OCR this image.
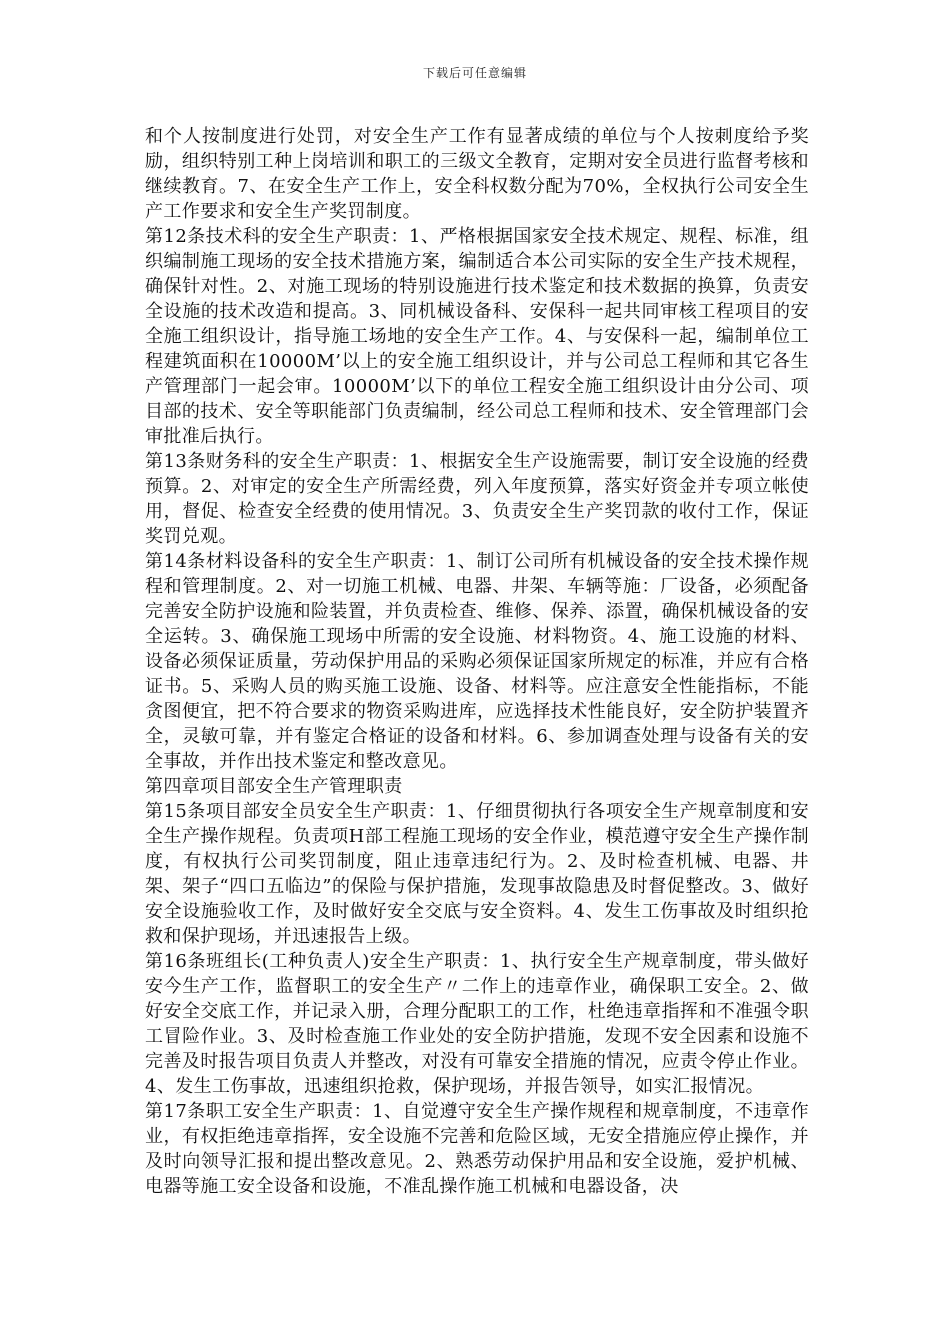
下载后可任意编辑

和个人按制度进行处罚，对安全生产工作有显著成绩的单位与个人按刺度给予奖励，组织特别工种上岗培训和职工的三级文全教育，定期对安全员进行监督考核和继续教育。7、在安全生产工作上，安全科权数分配为70%，全权执行公司安全生产工作要求和安全生产奖罚制度。

第12条技术科的安全生产职责：1、严格根据国家安全技术规定、规程、标准，组织编制施工现场的安全技术措施方案，编制适合本公司实际的安全生产技术规程，确保针对性。2、对施工现场的特别设施进行技术鉴定和技术数据的换算，负责安全设施的技术改造和提高。3、同机械设备科、安保科一起共同审核工程项目的安全施工组织设计，指导施工场地的安全生产工作。4、与安保科一起，编制单位工程建筑面积在10000M’以上的安全施工组织设计，并与公司总工程师和其它各生产管理部门一起会审。10000M’以下的单位工程安全施工组织设计由分公司、项目部的技术、安全等职能部门负责编制，经公司总工程师和技术、安全管理部门会审批准后执行。

第13条财务科的安全生产职责：1、根据安全生产设施需要，制订安全设施的经费预算。2、对审定的安全生产所需经费，列入年度预算，落实好资金并专项立帐使用，督促、检查安全经费的使用情况。3、负责安全生产奖罚款的收付工作，保证奖罚兑观。

第14条材料设备科的安全生产职责：1、制订公司所有机械设备的安全技术操作规程和管理制度。2、对一切施工机械、电器、井架、车辆等施：厂设备，必须配备完善安全防护设施和险装置，并负责检查、维修、保养、添置，确保机械设备的安全运转。3、确保施工现场中所需的安全设施、材料物资。4、施工设施的材料、设备必须保证质量，劳动保护用品的采购必须保证国家所规定的标准，并应有合格证书。5、采购人员的购买施工设施、设备、材料等。应注意安全性能指标，不能贪图便宜，把不符合要求的物资采购进库，应选择技术性能良好，安全防护装置齐全，灵敏可靠，并有鉴定合格证的设备和材料。6、参加调查处理与设备有关的安全事故，并作出技术鉴定和整改意见。

第四章项目部安全生产管理职责

第15条项目部安全员安全生产职责：1、仔细贯彻执行各项安全生产规章制度和安全生产操作规程。负责项H部工程施工现场的安全作业，模范遵守安全生产操作制度，有权执行公司奖罚制度，阻止违章违纪行为。2、及时检查机械、电器、井架、架子“四口五临边”的保险与保护措施，发现事故隐患及时督促整改。3、做好安全设施验收工作，及时做好安全交底与安全资料。4、发生工伤事故及时组织抢救和保护现场，并迅速报告上级。

第16条班组长(工种负责人)安全生产职责：1、执行安全生产规章制度，带头做好安今生产工作，监督职工的安全生产〃二作上的违章作业，确保职工安全。2、做好安全交底工作，并记录入册，合理分配职工的工作，杜绝违章指挥和不准强令职工冒险作业。3、及时检查施工作业处的安全防护措施，发现不安全因素和设施不完善及时报告项目负责人并整改，对没有可靠安全措施的情况，应责令停止作业。4、发生工伤事故，迅速组织抢救，保护现场，并报告领导，如实汇报情况。

第17条职工安全生产职责：1、自觉遵守安全生产操作规程和规章制度，不违章作业，有权拒绝违章指挥，安全设施不完善和危险区域，无安全措施应停止操作，并及时向领导汇报和提出整改意见。2、熟悉劳动保护用品和安全设施，爱护机械、电器等施工安全设备和设施，不准乱操作施工机械和电器设备，决
